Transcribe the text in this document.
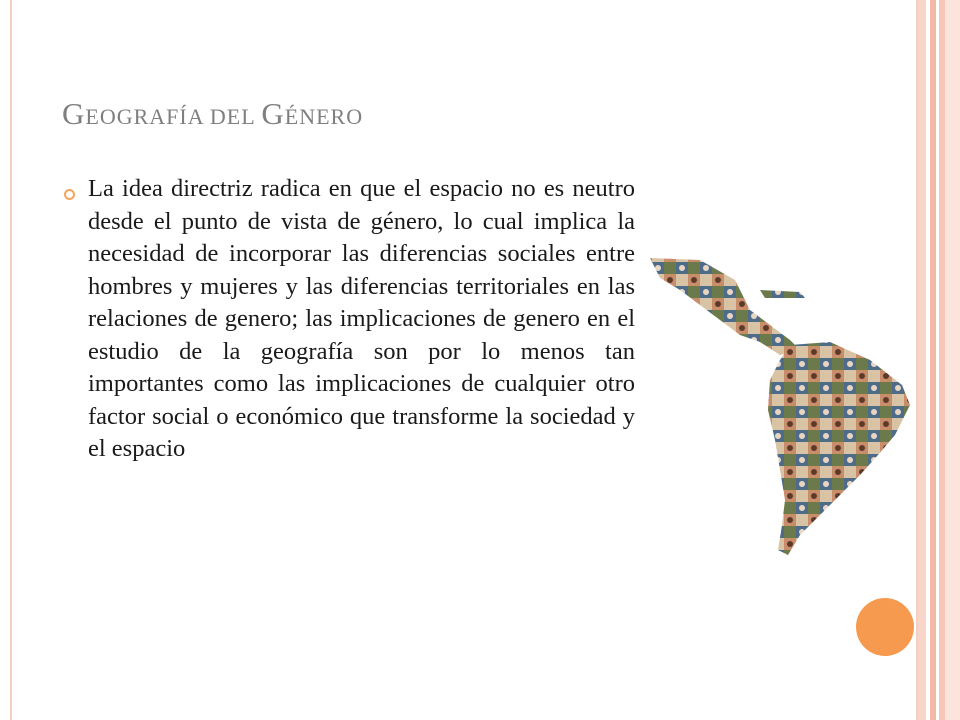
GEOGRAFÍA DEL GÉNERO

La idea directriz radica en que el espacio no es neutro desde el punto de vista de género, lo cual implica la necesidad de incorporar las diferencias sociales entre hombres y mujeres y las diferencias territoriales en las relaciones de genero; las implicaciones de genero en el estudio de la geografía son por lo menos tan importantes como las implicaciones de cualquier otro factor social o económico que transforme la sociedad y el espacio
